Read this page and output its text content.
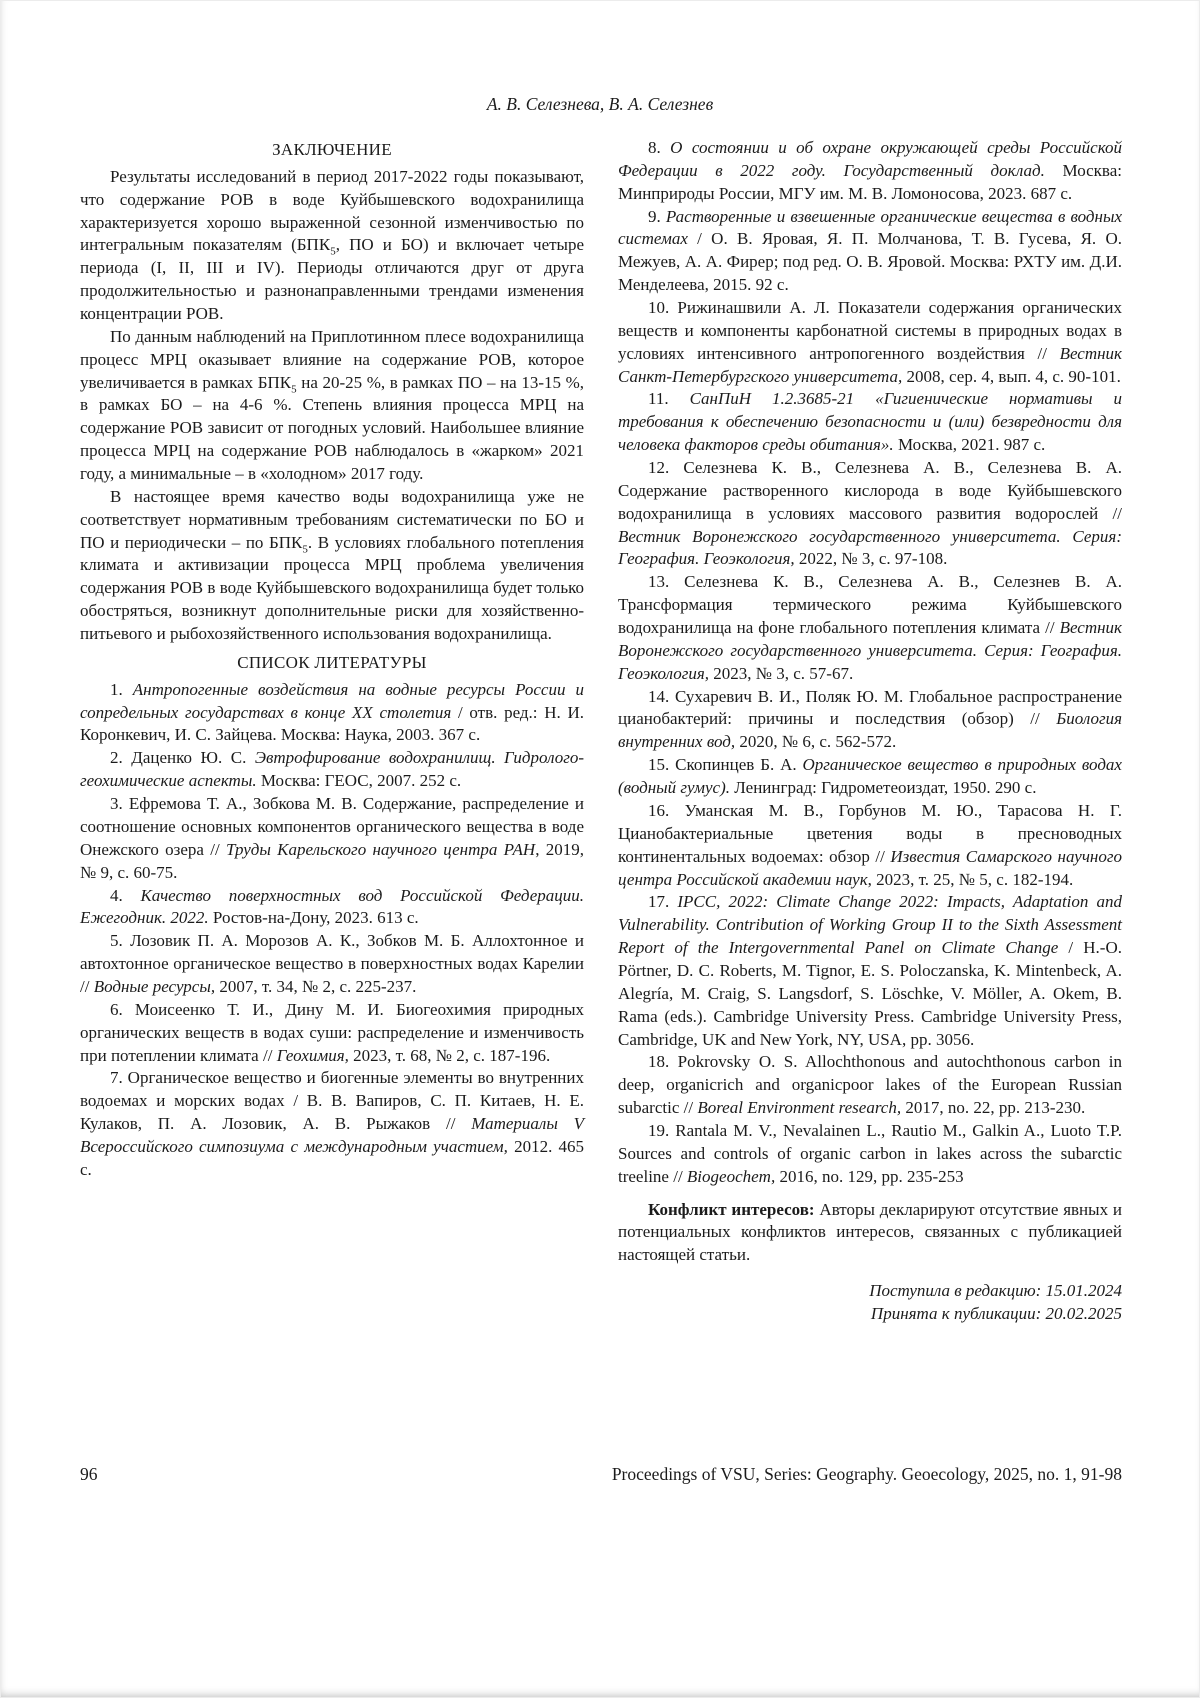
А. В. Селезнева, В. А. Селезнев
ЗАКЛЮЧЕНИЕ

Результаты исследований в период 2017-2022 годы показывают, что содержание РОВ в воде Куйбышевского водохранилища характеризуется хорошо выраженной сезонной изменчивостью по интегральным показателям ($БПК_5$, ПО и БО) и включает четыре периода (I, II, III и IV). Периоды отличаются друг от друга продолжительностью и разнонаправленными трендами изменения концентрации РОВ.

По данным наблюдений на Приплотинном плесе водохранилища процесс МРЦ оказывает влияние на содержание РОВ, которое увеличивается в рамках $БПК_5$ на 20-25 %, в рамках ПО – на 13-15 %, в рамках БО – на 4-6 %. Степень влияния процесса МРЦ на содержание РОВ зависит от погодных условий. Наибольшее влияние процесса МРЦ на содержание РОВ наблюдалось в «жарком» 2021 году, а минимальные – в «холодном» 2017 году.

В настоящее время качество воды водохранилища уже не соответствует нормативным требованиям систематически по БО и ПО и периодически – по $БПК_5$. В условиях глобального потепления климата и активизации процесса МРЦ проблема увеличения содержания РОВ в воде Куйбышевского водохранилища будет только обостряться, возникнут дополнительные риски для хозяйственно-питьевого и рыбохозяйственного использования водохранилища.

СПИСОК ЛИТЕРАТУРЫ

1. Антропогенные воздействия на водные ресурсы России и сопредельных государствах в конце XX столетия / отв. ред.: Н. И. Коронкевич, И. С. Зайцева. Москва: Наука, 2003. 367 с.

2. Даценко Ю. С. Эвтрофирование водохранилищ. Гидролого-геохимические аспекты. Москва: ГЕОС, 2007. 252 с.

3. Ефремова Т. А., Зобкова М. В. Содержание, распределение и соотношение основных компонентов органического вещества в воде Онежского озера // Труды Карельского научного центра РАН, 2019, № 9, с. 60-75.

4. Качество поверхностных вод Российской Федерации. Ежегодник. 2022. Ростов-на-Дону, 2023. 613 с.

5. Лозовик П. А. Морозов А. К., Зобков М. Б. Аллохтонное и автохтонное органическое вещество в поверхностных водах Карелии // Водные ресурсы, 2007, т. 34, № 2, с. 225-237.

6. Моисеенко Т. И., Дину М. И. Биогеохимия природных органических веществ в водах суши: распределение и изменчивость при потеплении климата // Геохимия, 2023, т. 68, № 2, с. 187-196.

7. Органическое вещество и биогенные элементы во внутренних водоемах и морских водах / В. В. Вапиров, С. П. Китаев, Н. Е. Кулаков, П. А. Лозовик, А. В. Рыжаков // Материалы V Всероссийского симпозиума с международным участием, 2012. 465 с.

8. О состоянии и об охране окружающей среды Российской Федерации в 2022 году. Государственный доклад. Москва: Минприроды России, МГУ им. М. В. Ломоносова, 2023. 687 с.

9. Растворенные и взвешенные органические вещества в водных системах / О. В. Яровая, Я. П. Молчанова, Т. В. Гусева, Я. О. Межуев, А. А. Фирер; под ред. О. В. Яровой. Москва: РХТУ им. Д.И. Менделеева, 2015. 92 с.

10. Рижинашвили А. Л. Показатели содержания органических веществ и компоненты карбонатной системы в природных водах в условиях интенсивного антропогенного воздействия // Вестник Санкт-Петербургского университета, 2008, сер. 4, вып. 4, с. 90-101.

11. СанПиН 1.2.3685-21 «Гигиенические нормативы и требования к обеспечению безопасности и (или) безвредности для человека факторов среды обитания». Москва, 2021. 987 с.

12. Селезнева К. В., Селезнева А. В., Селезнева В. А. Содержание растворенного кислорода в воде Куйбышевского водохранилища в условиях массового развития водорослей // Вестник Воронежского государственного университета. Серия: География. Геоэкология, 2022, № 3, с. 97-108.

13. Селезнева К. В., Селезнева А. В., Селезнев В. А. Трансформация термического режима Куйбышевского водохранилища на фоне глобального потепления климата // Вестник Воронежского государственного университета. Серия: География. Геоэкология, 2023, № 3, с. 57-67.

14. Сухаревич В. И., Поляк Ю. М. Глобальное распространение цианобактерий: причины и последствия (обзор) // Биология внутренних вод, 2020, № 6, с. 562-572.

15. Скопинцев Б. А. Органическое вещество в природных водах (водный гумус). Ленинград: Гидрометеоиздат, 1950. 290 с.

16. Уманская М. В., Горбунов М. Ю., Тарасова Н. Г. Цианобактериальные цветения воды в пресноводных континентальных водоемах: обзор // Известия Самарского научного центра Российской академии наук, 2023, т. 25, № 5, с. 182-194.

17. IPCC, 2022: Climate Change 2022: Impacts, Adaptation and Vulnerability. Contribution of Working Group II to the Sixth Assessment Report of the Intergovernmental Panel on Climate Change / H.-O. Pörtner, D. C. Roberts, M. Tignor, E. S. Poloczanska, K. Mintenbeck, A. Alegría, M. Craig, S. Langsdorf, S. Löschke, V. Möller, A. Okem, B. Rama (eds.). Cambridge University Press. Cambridge University Press, Cambridge, UK and New York, NY, USA, pp. 3056.

18. Pokrovsky O. S. Allochthonous and autochthonous carbon in deep, organicrich and organicpoor lakes of the European Russian subarctic // Boreal Environment research, 2017, no. 22, pp. 213-230.

19. Rantala M. V., Nevalainen L., Rautio M., Galkin A., Luoto T.P. Sources and controls of organic carbon in lakes across the subarctic treeline // Biogeochem, 2016, no. 129, pp. 235-253

Конфликт интересов: Авторы декларируют отсутствие явных и потенциальных конфликтов интересов, связанных с публикацией настоящей статьи.

Поступила в редакцию: 15.01.2024

Принята к публикации: 20.02.2025

96	Proceedings of VSU, Series: Geography. Geoecology, 2025, no. 1, 91-98
